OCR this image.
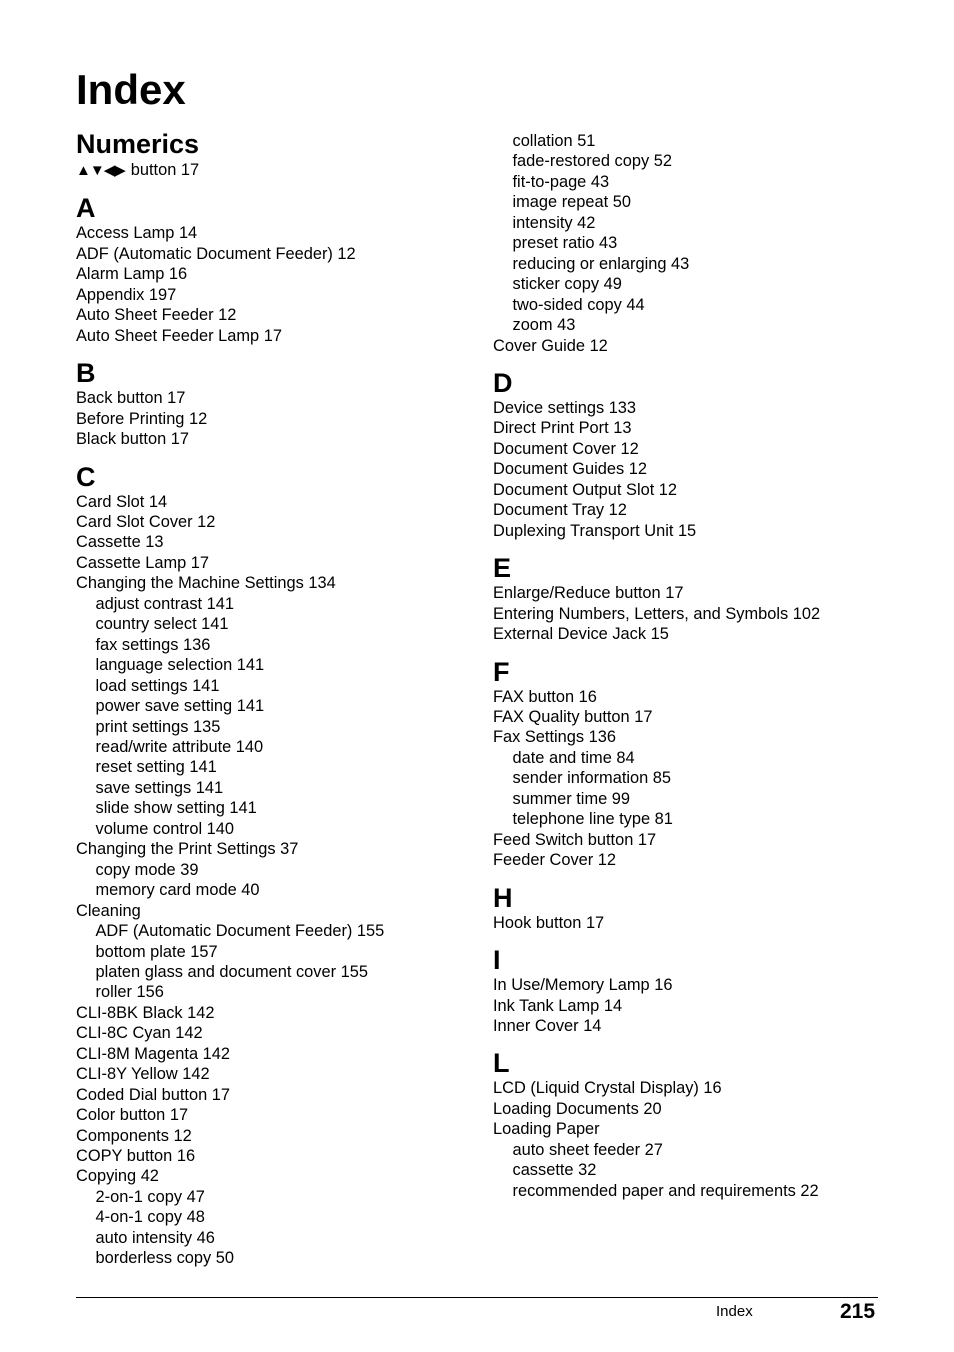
Index
Numerics
▲▼◀▶ button 17
A
Access Lamp 14
ADF (Automatic Document Feeder) 12
Alarm Lamp 16
Appendix 197
Auto Sheet Feeder 12
Auto Sheet Feeder Lamp 17
B
Back button 17
Before Printing 12
Black button 17
C
Card Slot 14
Card Slot Cover 12
Cassette 13
Cassette Lamp 17
Changing the Machine Settings 134
adjust contrast 141
country select 141
fax settings 136
language selection 141
load settings 141
power save setting 141
print settings 135
read/write attribute 140
reset setting 141
save settings 141
slide show setting 141
volume control 140
Changing the Print Settings 37
copy mode 39
memory card mode 40
Cleaning
ADF (Automatic Document Feeder) 155
bottom plate 157
platen glass and document cover 155
roller 156
CLI-8BK Black 142
CLI-8C Cyan 142
CLI-8M Magenta 142
CLI-8Y Yellow 142
Coded Dial button 17
Color button 17
Components 12
COPY button 16
Copying 42
2-on-1 copy 47
4-on-1 copy 48
auto intensity 46
borderless copy 50
collation 51
fade-restored copy 52
fit-to-page 43
image repeat 50
intensity 42
preset ratio 43
reducing or enlarging 43
sticker copy 49
two-sided copy 44
zoom 43
Cover Guide 12
D
Device settings 133
Direct Print Port 13
Document Cover 12
Document Guides 12
Document Output Slot 12
Document Tray 12
Duplexing Transport Unit 15
E
Enlarge/Reduce button 17
Entering Numbers, Letters, and Symbols 102
External Device Jack 15
F
FAX button 16
FAX Quality button 17
Fax Settings 136
date and time 84
sender information 85
summer time 99
telephone line type 81
Feed Switch button 17
Feeder Cover 12
H
Hook button 17
I
In Use/Memory Lamp 16
Ink Tank Lamp 14
Inner Cover 14
L
LCD (Liquid Crystal Display) 16
Loading Documents 20
Loading Paper
auto sheet feeder 27
cassette 32
recommended paper and requirements 22
Index	215
